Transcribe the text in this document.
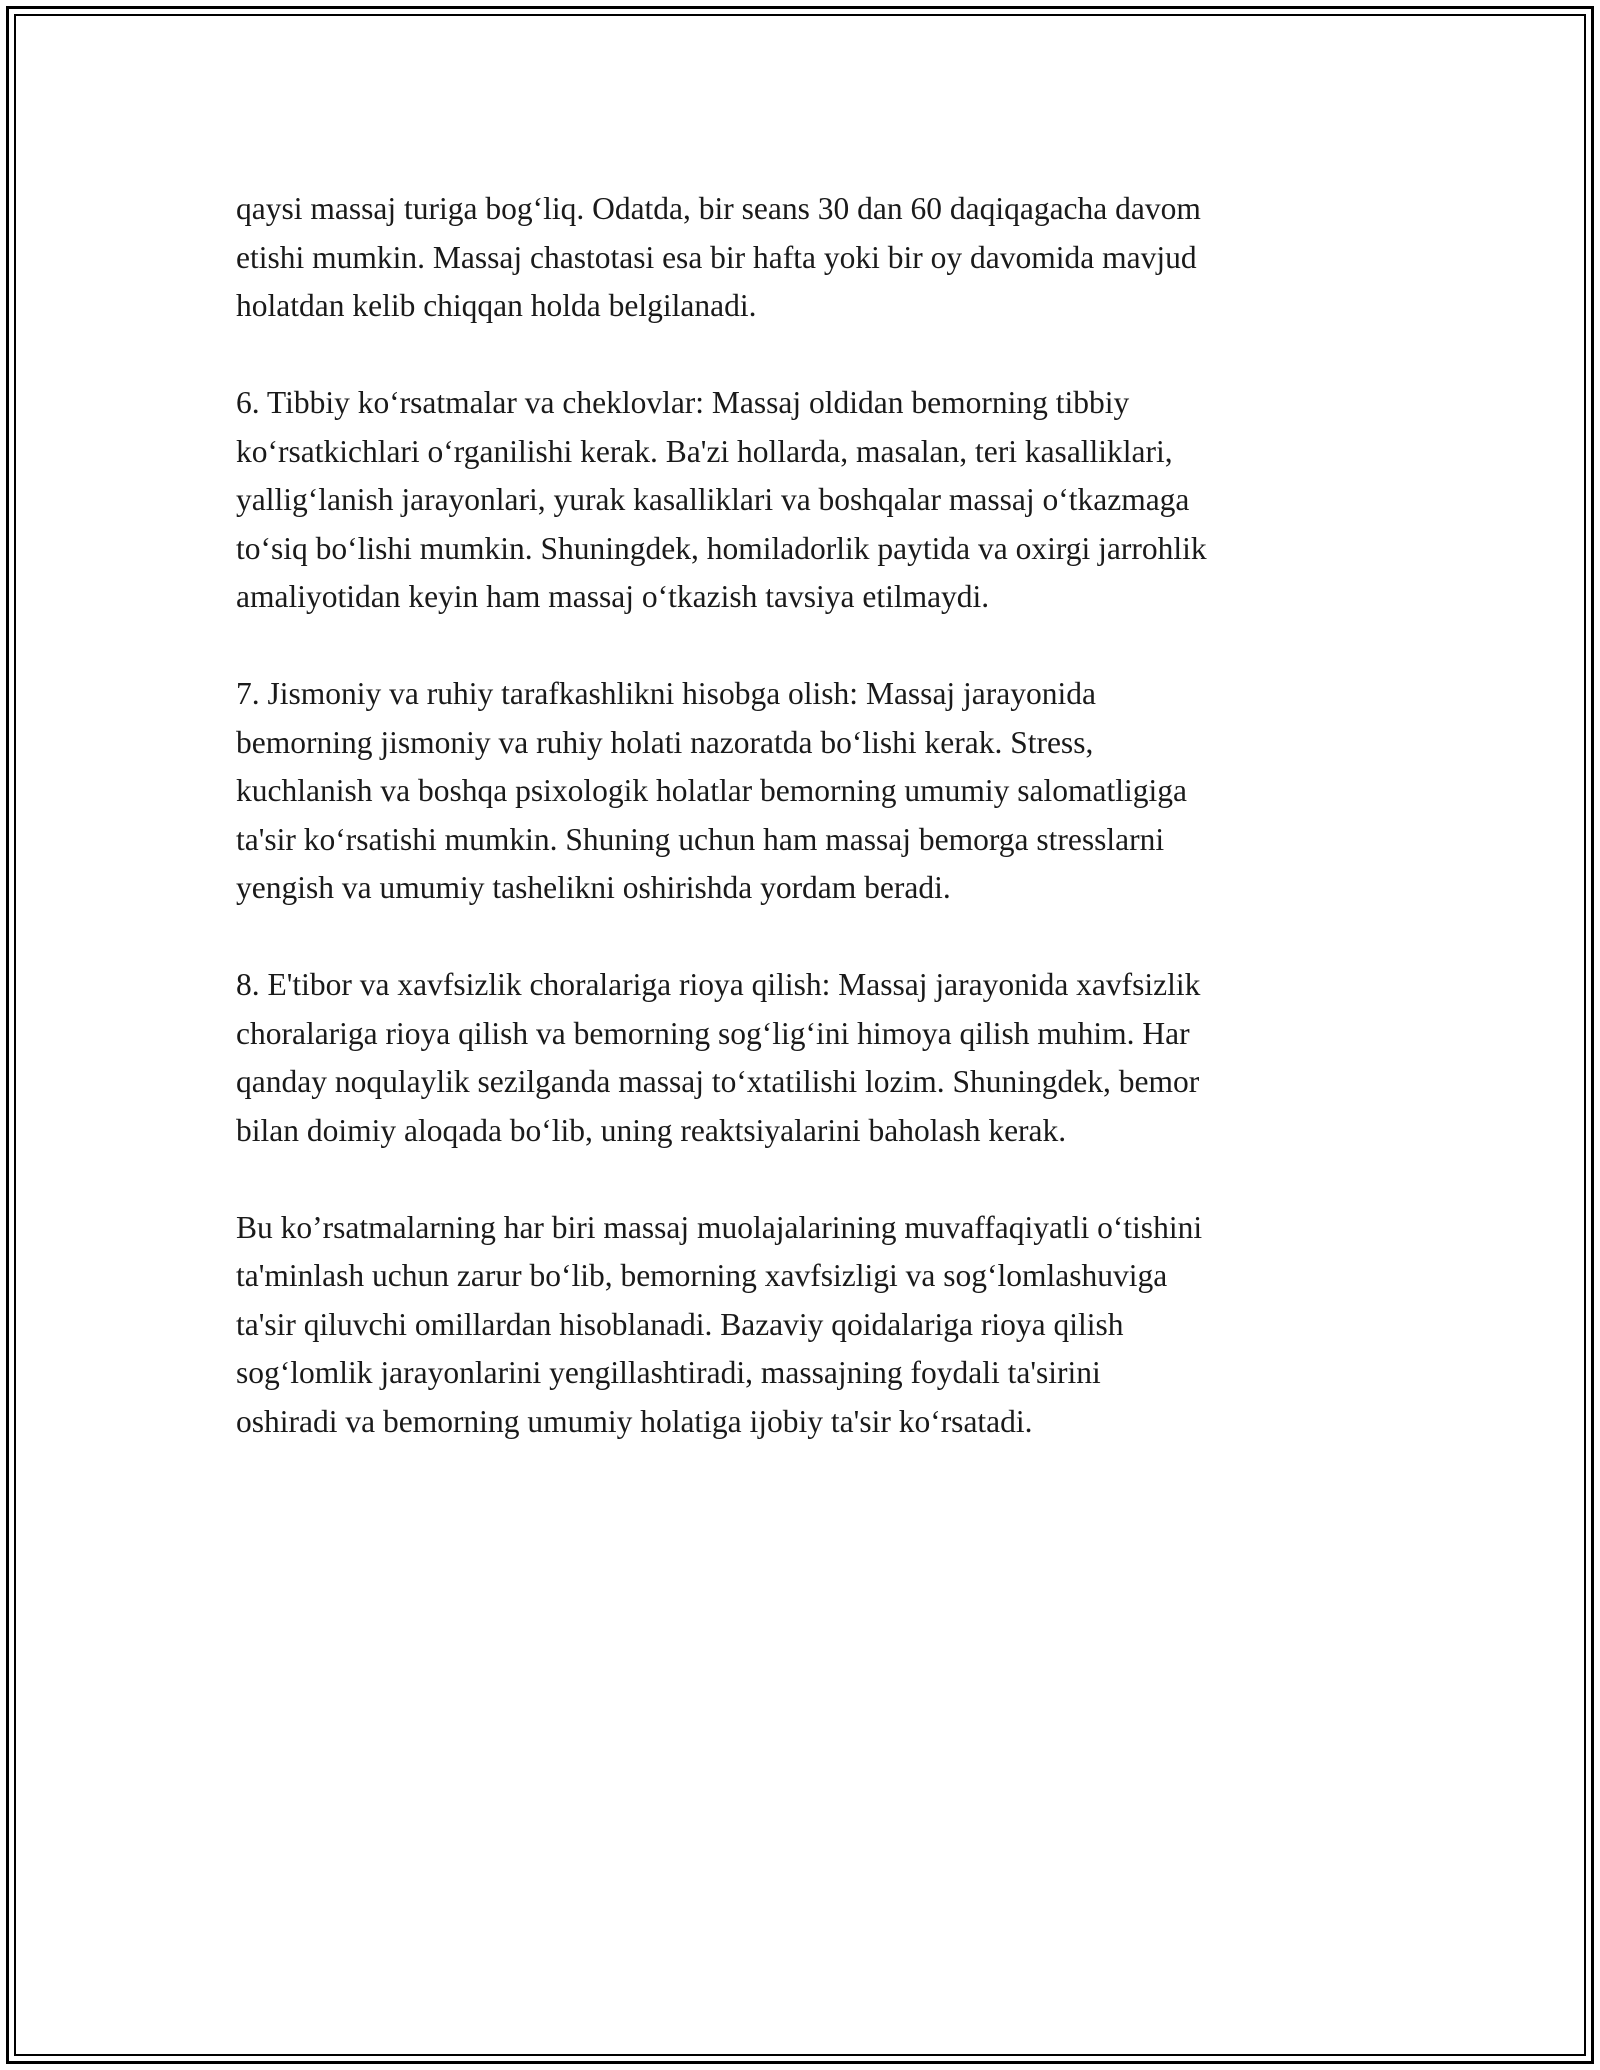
qaysi massaj turiga bog‘liq. Odatda, bir seans 30 dan 60 daqiqagacha davom
etishi mumkin. Massaj chastotasi esa bir hafta yoki bir oy davomida mavjud
holatdan kelib chiqqan holda belgilanadi.

6. Tibbiy ko‘rsatmalar va cheklovlar: Massaj oldidan bemorning tibbiy
ko‘rsatkichlari o‘rganilishi kerak. Ba'zi hollarda, masalan, teri kasalliklari,
yallig‘lanish jarayonlari, yurak kasalliklari va boshqalar massaj o‘tkazmaga
to‘siq bo‘lishi mumkin. Shuningdek, homiladorlik paytida va oxirgi jarrohlik
amaliyotidan keyin ham massaj o‘tkazish tavsiya etilmaydi.

7. Jismoniy va ruhiy tarafkashlikni hisobga olish: Massaj jarayonida
bemorning jismoniy va ruhiy holati nazoratda bo‘lishi kerak. Stress,
kuchlanish va boshqa psixologik holatlar bemorning umumiy salomatligiga
ta'sir ko‘rsatishi mumkin. Shuning uchun ham massaj bemorga stresslarni
yengish va umumiy tashelikni oshirishda yordam beradi.

8. E'tibor va xavfsizlik choralariga rioya qilish: Massaj jarayonida xavfsizlik
choralariga rioya qilish va bemorning sog‘lig‘ini himoya qilish muhim. Har
qanday noqulaylik sezilganda massaj to‘xtatilishi lozim. Shuningdek, bemor
bilan doimiy aloqada bo‘lib, uning reaktsiyalarini baholash kerak.

Bu ko’rsatmalarning har biri massaj muolajalarining muvaffaqiyatli o‘tishini
ta'minlash uchun zarur bo‘lib, bemorning xavfsizligi va sog‘lomlashuviga
ta'sir qiluvchi omillardan hisoblanadi. Bazaviy qoidalariga rioya qilish
sog‘lomlik jarayonlarini yengillashtiradi, massajning foydali ta'sirini
oshiradi va bemorning umumiy holatiga ijobiy ta'sir ko‘rsatadi.
